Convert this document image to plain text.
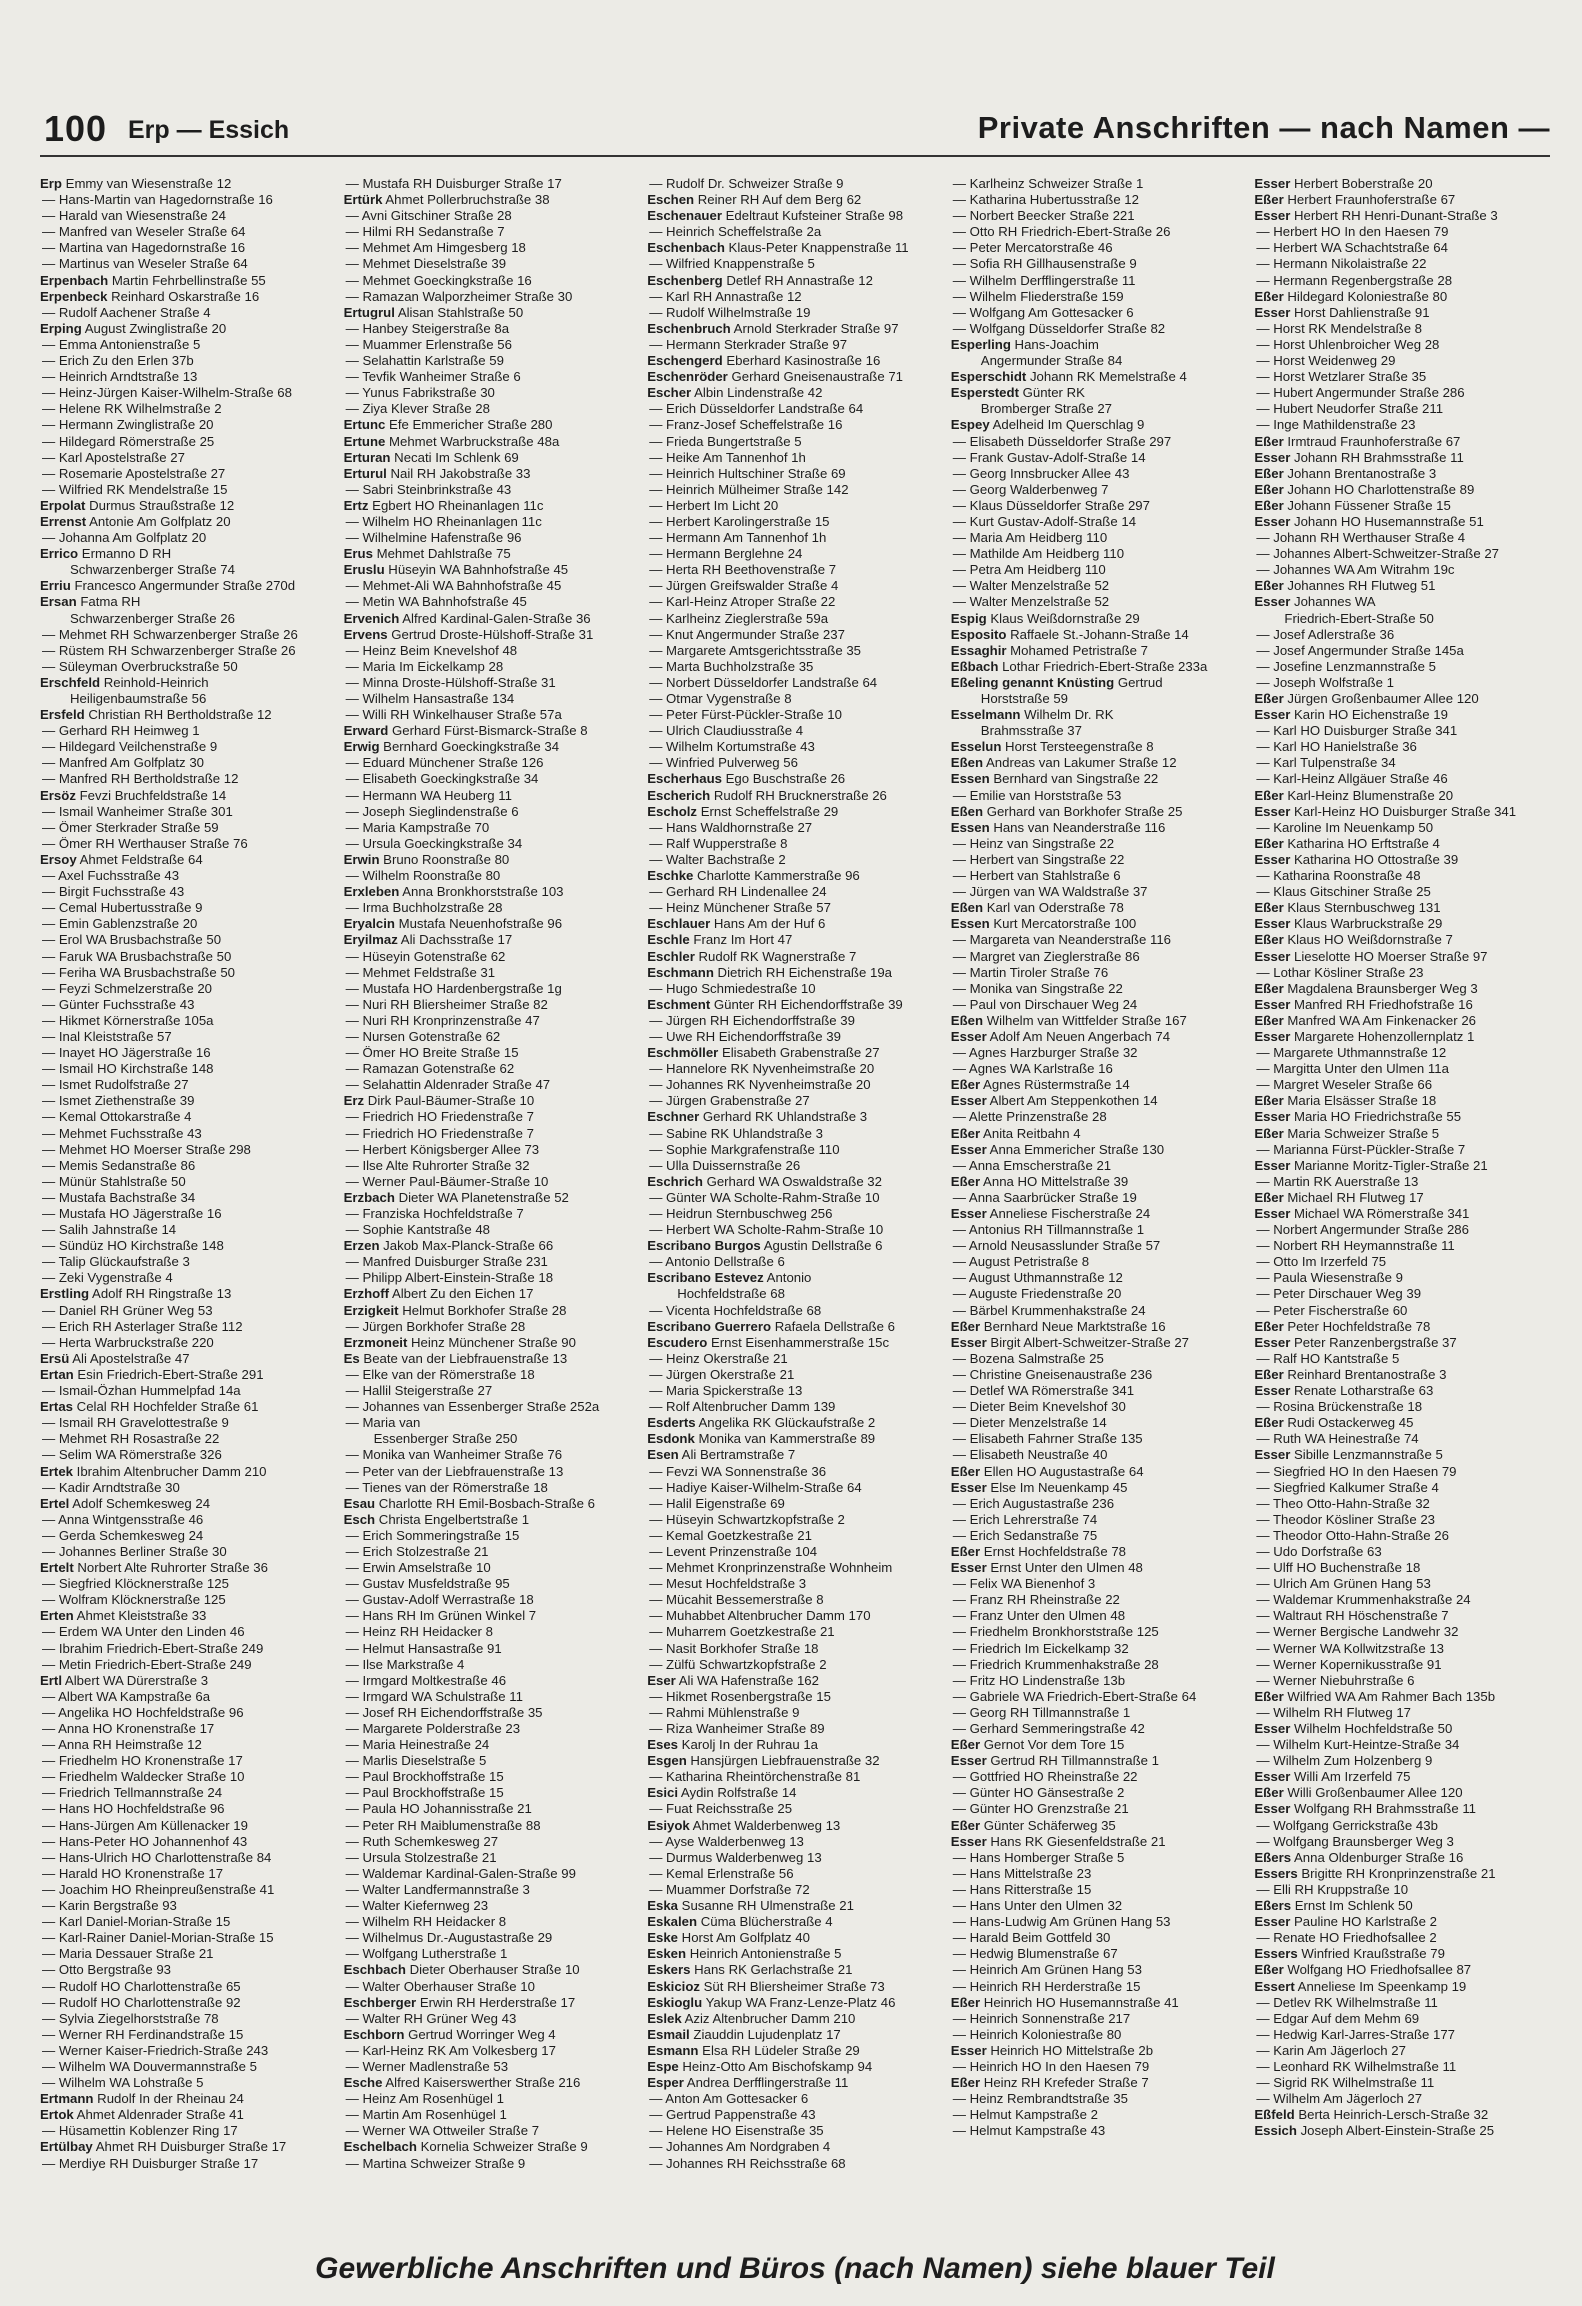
100 Erp — Essich	Private Anschriften — nach Namen —
Erp Emmy van Wiesenstraße 12
— Hans-Martin van Hagedornstraße 16
— Harald van Wiesenstraße 24
— Manfred van Weseler Straße 64
— Martina van Hagedornstraße 16
— Martinus van Weseler Straße 64
Erpenbach Martin Fehrbellinstraße 55
Erpenbeck Reinhard Oskarstraße 16
— Rudolf Aachener Straße 4
Erping August Zwinglistraße 20
— Emma Antonienstraße 5
— Erich Zu den Erlen 37b
— Heinrich Arndtstraße 13
— Heinz-Jürgen Kaiser-Wilhelm-Straße 68
— Helene RK Wilhelmstraße 2
— Hermann Zwinglistraße 20
— Hildegard Römerstraße 25
— Karl Apostelstraße 27
— Rosemarie Apostelstraße 27
— Wilfried RK Mendelstraße 15
Erpolat Durmus Straußstraße 12
Errenst Antonie Am Golfplatz 20
— Johanna Am Golfplatz 20
Errico Ermanno D RH
Schwarzenberger Straße 74
Erriu Francesco Angermunder Straße 270d
Ersan Fatma RH
Schwarzenberger Straße 26
— Mehmet RH Schwarzenberger Straße 26
— Rüstem RH Schwarzenberger Straße 26
— Süleyman Overbruckstraße 50
Erschfeld Reinhold-Heinrich
Heiligenbaumstraße 56
Ersfeld Christian RH Bertholdstraße 12
— Gerhard RH Heimweg 1
— Hildegard Veilchenstraße 9
— Manfred Am Golfplatz 30
— Manfred RH Bertholdstraße 12
Ersöz Fevzi Bruchfeldstraße 14
— Ismail Wanheimer Straße 301
— Ömer Sterkrader Straße 59
— Ömer RH Werthauser Straße 76
Ersoy Ahmet Feldstraße 64
— Axel Fuchsstraße 43
— Birgit Fuchsstraße 43
— Cemal Hubertusstraße 9
— Emin Gablenzstraße 20
— Erol WA Brusbachstraße 50
— Faruk WA Brusbachstraße 50
— Feriha WA Brusbachstraße 50
— Feyzi Schmelzerstraße 20
— Günter Fuchsstraße 43
— Hikmet Körnerstraße 105a
— Inal Kleiststraße 57
— Inayet HO Jägerstraße 16
— Ismail HO Kirchstraße 148
— Ismet Rudolfstraße 27
— Ismet Ziethenstraße 39
— Kemal Ottokarstraße 4
— Mehmet Fuchsstraße 43
— Mehmet HO Moerser Straße 298
— Memis Sedanstraße 86
— Münür Stahlstraße 50
— Mustafa Bachstraße 34
— Mustafa HO Jägerstraße 16
— Salih Jahnstraße 14
— Sündüz HO Kirchstraße 148
— Talip Glückaufstraße 3
— Zeki Vygenstraße 4
Erstling Adolf RH Ringstraße 13
— Daniel RH Grüner Weg 53
— Erich RH Asterlager Straße 112
— Herta Warbruckstraße 220
Ersü Ali Apostelstraße 47
Ertan Esin Friedrich-Ebert-Straße 291
— Ismail-Özhan Hummelpfad 14a
Ertas Celal RH Hochfelder Straße 61
— Ismail RH Gravelottestraße 9
— Mehmet RH Rosastraße 22
— Selim WA Römerstraße 326
Ertek Ibrahim Altenbrucher Damm 210
— Kadir Arndtstraße 30
Ertel Adolf Schemkesweg 24
— Anna Wintgensstraße 46
— Gerda Schemkesweg 24
— Johannes Berliner Straße 30
Ertelt Norbert Alte Ruhrorter Straße 36
— Siegfried Klöcknerstraße 125
— Wolfram Klöcknerstraße 125
Erten Ahmet Kleiststraße 33
— Erdem WA Unter den Linden 46
— Ibrahim Friedrich-Ebert-Straße 249
— Metin Friedrich-Ebert-Straße 249
Ertl Albert WA Dürerstraße 3
— Albert WA Kampstraße 6a
— Angelika HO Hochfeldstraße 96
— Anna HO Kronenstraße 17
— Anna RH Heimstraße 12
— Friedhelm HO Kronenstraße 17
— Friedhelm Waldecker Straße 10
— Friedrich Tellmannstraße 24
— Hans HO Hochfeldstraße 96
— Hans-Jürgen Am Küllenacker 19
— Hans-Peter HO Johannenhof 43
— Hans-Ulrich HO Charlottenstraße 84
— Harald HO Kronenstraße 17
— Joachim HO Rheinpreußenstraße 41
— Karin Bergstraße 93
— Karl Daniel-Morian-Straße 15
— Karl-Rainer Daniel-Morian-Straße 15
— Maria Dessauer Straße 21
— Otto Bergstraße 93
— Rudolf HO Charlottenstraße 65
— Rudolf HO Charlottenstraße 92
— Sylvia Ziegelhorststraße 78
— Werner RH Ferdinandstraße 15
— Werner Kaiser-Friedrich-Straße 243
— Wilhelm WA Douvermannstraße 5
— Wilhelm WA Lohstraße 5
Ertmann Rudolf In der Rheinau 24
Ertok Ahmet Aldenrader Straße 41
— Hüsamettin Koblenzer Ring 17
Ertülbay Ahmet RH Duisburger Straße 17
— Merdiye RH Duisburger Straße 17
— Mustafa RH Duisburger Straße 17
Ertürk Ahmet Pollerbruchstraße 38
— Avni Gitschiner Straße 28
— Hilmi RH Sedanstraße 7
— Mehmet Am Himgesberg 18
— Mehmet Dieselstraße 39
— Mehmet Goeckingkstraße 16
— Ramazan Walporzheimer Straße 30
Ertugrul Alisan Stahlstraße 50
— Hanbey Steigerstraße 8a
— Muammer Erlenstraße 56
— Selahattin Karlstraße 59
— Tevfik Wanheimer Straße 6
— Yunus Fabrikstraße 30
— Ziya Klever Straße 28
Ertunc Efe Emmericher Straße 280
Ertune Mehmet Warbruckstraße 48a
Erturan Necati Im Schlenk 69
Erturul Nail RH Jakobstraße 33
— Sabri Steinbrinkstraße 43
Ertz Egbert HO Rheinanlagen 11c
— Wilhelm HO Rheinanlagen 11c
— Wilhelmine Hafenstraße 96
Erus Mehmet Dahlstraße 75
Eruslu Hüseyin WA Bahnhofstraße 45
— Mehmet-Ali WA Bahnhofstraße 45
— Metin WA Bahnhofstraße 45
Ervenich Alfred Kardinal-Galen-Straße 36
Ervens Gertrud Droste-Hülshoff-Straße 31
— Heinz Beim Knevelshof 48
— Maria Im Eickelkamp 28
— Minna Droste-Hülshoff-Straße 31
— Wilhelm Hansastraße 134
— Willi RH Winkelhauser Straße 57a
Erward Gerhard Fürst-Bismarck-Straße 8
Erwig Bernhard Goeckingkstraße 34
— Eduard Münchener Straße 126
— Elisabeth Goeckingkstraße 34
— Hermann WA Heuberg 11
— Joseph Sieglindenstraße 6
— Maria Kampstraße 70
— Ursula Goeckingkstraße 34
Erwin Bruno Roonstraße 80
— Wilhelm Roonstraße 80
Erxleben Anna Bronkhorststraße 103
— Irma Buchholzstraße 28
Eryalcin Mustafa Neuenhofstraße 96
Eryilmaz Ali Dachsstraße 17
— Hüseyin Gotenstraße 62
— Mehmet Feldstraße 31
— Mustafa HO Hardenbergstraße 1g
— Nuri RH Bliersheimer Straße 82
— Nuri RH Kronprinzenstraße 47
— Nursen Gotenstraße 62
— Ömer HO Breite Straße 15
— Ramazan Gotenstraße 62
— Selahattin Aldenrader Straße 47
Erz Dirk Paul-Bäumer-Straße 10
— Friedrich HO Friedenstraße 7
— Friedrich HO Friedenstraße 7
— Herbert Königsberger Allee 73
— Ilse Alte Ruhrorter Straße 32
— Werner Paul-Bäumer-Straße 10
Erzbach Dieter WA Planetenstraße 52
— Franziska Hochfeldstraße 7
— Sophie Kantstraße 48
Erzen Jakob Max-Planck-Straße 66
— Manfred Duisburger Straße 231
— Philipp Albert-Einstein-Straße 18
Erzhoff Albert Zu den Eichen 17
Erzigkeit Helmut Borkhofer Straße 28
— Jürgen Borkhofer Straße 28
Erzmoneit Heinz Münchener Straße 90
Es Beate van der Liebfrauenstraße 13
— Elke van der Römerstraße 18
— Hallil Steigerstraße 27
— Johannes van Essenberger Straße 252a
— Maria van
Essenberger Straße 250
— Monika van Wanheimer Straße 76
— Peter van der Liebfrauenstraße 13
— Tienes van der Römerstraße 18
Esau Charlotte RH Emil-Bosbach-Straße 6
Esch Christa Engelbertstraße 1
— Erich Sommeringstraße 15
— Erich Stolzestraße 21
— Erwin Amselstraße 10
— Gustav Musfeldstraße 95
— Gustav-Adolf Werrastraße 18
— Hans RH Im Grünen Winkel 7
— Heinz RH Heidacker 8
— Helmut Hansastraße 91
— Ilse Markstraße 4
— Irmgard Moltkestraße 46
— Irmgard WA Schulstraße 11
— Josef RH Eichendorffstraße 35
— Margarete Polderstraße 23
— Maria Heinestraße 24
— Marlis Dieselstraße 5
— Paul Brockhoffstraße 15
— Paul Brockhoffstraße 15
— Paula HO Johannisstraße 21
— Peter RH Maiblumenstraße 88
— Ruth Schemkesweg 27
— Ursula Stolzestraße 21
— Waldemar Kardinal-Galen-Straße 99
— Walter Landfermannstraße 3
— Walter Kiefernweg 23
— Wilhelm RH Heidacker 8
— Wilhelmus Dr.-Augustastraße 29
— Wolfgang Lutherstraße 1
Eschbach Dieter Oberhauser Straße 10
— Walter Oberhauser Straße 10
Eschberger Erwin RH Herderstraße 17
— Walter RH Grüner Weg 43
Eschborn Gertrud Worringer Weg 4
— Karl-Heinz RK Am Volkesberg 17
— Werner Madlenstraße 53
Esche Alfred Kaiserswerther Straße 216
— Heinz Am Rosenhügel 1
— Martin Am Rosenhügel 1
— Werner WA Ottweiler Straße 7
Eschelbach Kornelia Schweizer Straße 9
— Martina Schweizer Straße 9
— Rudolf Dr. Schweizer Straße 9
Eschen Reiner RH Auf dem Berg 62
Eschenauer Edeltraut Kufsteiner Straße 98
— Heinrich Scheffelstraße 2a
Eschenbach Klaus-Peter Knappenstraße 11
— Wilfried Knappenstraße 5
Eschenberg Detlef RH Annastraße 12
— Karl RH Annastraße 12
— Rudolf Wilhelmstraße 19
Eschenbruch Arnold Sterkrader Straße 97
— Hermann Sterkrader Straße 97
Eschengerd Eberhard Kasinostraße 16
Eschenröder Gerhard Gneisenaustraße 71
Escher Albin Lindenstraße 42
— Erich Düsseldorfer Landstraße 64
— Franz-Josef Scheffelstraße 16
— Frieda Bungertstraße 5
— Heike Am Tannenhof 1h
— Heinrich Hultschiner Straße 69
— Heinrich Mülheimer Straße 142
— Herbert Im Licht 20
— Herbert Karolingerstraße 15
— Hermann Am Tannenhof 1h
— Hermann Berglehne 24
— Herta RH Beethovenstraße 7
— Jürgen Greifswalder Straße 4
— Karl-Heinz Atroper Straße 22
— Karlheinz Zieglerstraße 59a
— Knut Angermunder Straße 237
— Margarete Amtsgerichtsstraße 35
— Marta Buchholzstraße 35
— Norbert Düsseldorfer Landstraße 64
— Otmar Vygenstraße 8
— Peter Fürst-Pückler-Straße 10
— Ulrich Claudiusstraße 4
— Wilhelm Kortumstraße 43
— Winfried Pulverweg 56
Escherhaus Ego Buschstraße 26
Escherich Rudolf RH Brucknerstraße 26
Escholz Ernst Scheffelstraße 29
— Hans Waldhornstraße 27
— Ralf Wupperstraße 8
— Walter Bachstraße 2
Eschke Charlotte Kammerstraße 96
— Gerhard RH Lindenallee 24
— Heinz Münchener Straße 57
Eschlauer Hans Am der Huf 6
Eschle Franz Im Hort 47
Eschler Rudolf RK Wagnerstraße 7
Eschmann Dietrich RH Eichenstraße 19a
— Hugo Schmiedestraße 10
Eschment Günter RH Eichendorffstraße 39
— Jürgen RH Eichendorffstraße 39
— Uwe RH Eichendorffstraße 39
Eschmöller Elisabeth Grabenstraße 27
— Hannelore RK Nyvenheimstraße 20
— Johannes RK Nyvenheimstraße 20
— Jürgen Grabenstraße 27
Eschner Gerhard RK Uhlandstraße 3
— Sabine RK Uhlandstraße 3
— Sophie Markgrafenstraße 110
— Ulla Duissernstraße 26
Eschrich Gerhard WA Oswaldstraße 32
— Günter WA Scholte-Rahm-Straße 10
— Heidrun Sternbuschweg 256
— Herbert WA Scholte-Rahm-Straße 10
Escribano Burgos Agustin Dellstraße 6
— Antonio Dellstraße 6
Escribano Estevez Antonio
Hochfeldstraße 68
— Vicenta Hochfeldstraße 68
Escribano Guerrero Rafaela Dellstraße 6
Escudero Ernst Eisenhammerstraße 15c
— Heinz Okerstraße 21
— Jürgen Okerstraße 21
— Maria Spickerstraße 13
— Rolf Altenbrucher Damm 139
Esderts Angelika RK Glückaufstraße 2
Esdonk Monika van Kammerstraße 89
Esen Ali Bertramstraße 7
— Fevzi WA Sonnenstraße 36
— Hadiye Kaiser-Wilhelm-Straße 64
— Halil Eigenstraße 69
— Hüseyin Schwartzkopfstraße 2
— Kemal Goetzkestraße 21
— Levent Prinzenstraße 104
— Mehmet Kronprinzenstraße Wohnheim
— Mesut Hochfeldstraße 3
— Mücahit Bessemerstraße 8
— Muhabbet Altenbrucher Damm 170
— Muharrem Goetzkestraße 21
— Nasit Borkhofer Straße 18
— Zülfü Schwartzkopfstraße 2
Eser Ali WA Hafenstraße 162
— Hikmet Rosenbergstraße 15
— Rahmi Mühlenstraße 9
— Riza Wanheimer Straße 89
Eses Karolj In der Ruhrau 1a
Esgen Hansjürgen Liebfrauenstraße 32
— Katharina Rheintörchenstraße 81
Esici Aydin Rolfstraße 14
— Fuat Reichsstraße 25
Esiyok Ahmet Walderbenweg 13
— Ayse Walderbenweg 13
— Durmus Walderbenweg 13
— Kemal Erlenstraße 56
— Muammer Dorfstraße 72
Eska Susanne RH Ulmenstraße 21
Eskalen Cüma Blücherstraße 4
Eske Horst Am Golfplatz 40
Esken Heinrich Antonienstraße 5
Eskers Hans RK Gerlachstraße 21
Eskicioz Süt RH Bliersheimer Straße 73
Eskioglu Yakup WA Franz-Lenze-Platz 46
Eslek Aziz Altenbrucher Damm 210
Esmail Ziauddin Lujudenplatz 17
Esmann Elsa RH Lüdeler Straße 29
Espe Heinz-Otto Am Bischofskamp 94
Esper Andrea Derfflingerstraße 11
— Anton Am Gottesacker 6
— Gertrud Pappenstraße 43
— Helene HO Eisenstraße 35
— Johannes Am Nordgraben 4
— Johannes RH Reichsstraße 68
— Karlheinz Schweizer Straße 1
— Katharina Hubertusstraße 12
— Norbert Beecker Straße 221
— Otto RH Friedrich-Ebert-Straße 26
— Peter Mercatorstraße 46
— Sofia RH Gillhausenstraße 9
— Wilhelm Derfflingerstraße 11
— Wilhelm Fliederstraße 159
— Wolfgang Am Gottesacker 6
— Wolfgang Düsseldorfer Straße 82
Esperling Hans-Joachim
Angermunder Straße 84
Esperschidt Johann RK Memelstraße 4
Esperstedt Günter RK
Bromberger Straße 27
Espey Adelheid Im Querschlag 9
— Elisabeth Düsseldorfer Straße 297
— Frank Gustav-Adolf-Straße 14
— Georg Innsbrucker Allee 43
— Georg Walderbenweg 7
— Klaus Düsseldorfer Straße 297
— Kurt Gustav-Adolf-Straße 14
— Maria Am Heidberg 110
— Mathilde Am Heidberg 110
— Petra Am Heidberg 110
— Walter Menzelstraße 52
— Walter Menzelstraße 52
Espig Klaus Weißdornstraße 29
Esposito Raffaele St.-Johann-Straße 14
Essaghir Mohamed Petristraße 7
Eßbach Lothar Friedrich-Ebert-Straße 233a
Eßeling genannt Knüsting Gertrud
Horststraße 59
Esselmann Wilhelm Dr. RK
Brahmsstraße 37
Esselun Horst Tersteegenstraße 8
Eßen Andreas van Lakumer Straße 12
Essen Bernhard van Singstraße 22
— Emilie van Horststraße 53
Eßen Gerhard van Borkhofer Straße 25
Essen Hans van Neanderstraße 116
— Heinz van Singstraße 22
— Herbert van Singstraße 22
— Herbert van Stahlstraße 6
— Jürgen van WA Waldstraße 37
Eßen Karl van Oderstraße 78
Essen Kurt Mercatorstraße 100
— Margareta van Neanderstraße 116
— Margret van Zieglerstraße 86
— Martin Tiroler Straße 76
— Monika van Singstraße 22
— Paul von Dirschauer Weg 24
Eßen Wilhelm van Wittfelder Straße 167
Esser Adolf Am Neuen Angerbach 74
— Agnes Harzburger Straße 32
— Agnes WA Karlstraße 16
Eßer Agnes Rüstermstraße 14
Esser Albert Am Steppenkothen 14
— Alette Prinzenstraße 28
Eßer Anita Reitbahn 4
Esser Anna Emmericher Straße 130
— Anna Emscherstraße 21
Eßer Anna HO Mittelstraße 39
— Anna Saarbrücker Straße 19
Esser Anneliese Fischerstraße 24
— Antonius RH Tillmannstraße 1
— Arnold Neusasslunder Straße 57
— August Petristraße 8
— August Uthmannstraße 12
— Auguste Friedenstraße 20
— Bärbel Krummenhakstraße 24
Eßer Bernhard Neue Marktstraße 16
Esser Birgit Albert-Schweitzer-Straße 27
— Bozena Salmstraße 25
— Christine Gneisenaustraße 236
— Detlef WA Römerstraße 341
— Dieter Beim Knevelshof 30
— Dieter Menzelstraße 14
— Elisabeth Fahrner Straße 135
— Elisabeth Neustraße 40
Eßer Ellen HO Augustastraße 64
Esser Else Im Neuenkamp 45
— Erich Augustastraße 236
— Erich Lehrerstraße 74
— Erich Sedanstraße 75
Eßer Ernst Hochfeldstraße 78
Esser Ernst Unter den Ulmen 48
— Felix WA Bienenhof 3
— Franz RH Rheinstraße 22
— Franz Unter den Ulmen 48
— Friedhelm Bronkhorststraße 125
— Friedrich Im Eickelkamp 32
— Friedrich Krummenhakstraße 28
— Fritz HO Lindenstraße 13b
— Gabriele WA Friedrich-Ebert-Straße 64
— Georg RH Tillmannstraße 1
— Gerhard Semmeringstraße 42
Eßer Gernot Vor dem Tore 15
Esser Gertrud RH Tillmannstraße 1
— Gottfried HO Rheinstraße 22
— Günter HO Gänsestraße 2
— Günter HO Grenzstraße 21
Eßer Günter Schäferweg 35
Esser Hans RK Giesenfeldstraße 21
— Hans Homberger Straße 5
— Hans Mittelstraße 23
— Hans Ritterstraße 15
— Hans Unter den Ulmen 32
— Hans-Ludwig Am Grünen Hang 53
— Harald Beim Gottfeld 30
— Hedwig Blumenstraße 67
— Heinrich Am Grünen Hang 53
— Heinrich RH Herderstraße 15
Eßer Heinrich HO Husemannstraße 41
— Heinrich Sonnenstraße 217
— Heinrich Koloniestraße 80
Esser Heinrich HO Mittelstraße 2b
— Heinrich HO In den Haesen 79
Eßer Heinz RH Krefeder Straße 7
— Heinz Rembrandtstraße 35
— Helmut Kampstraße 2
— Helmut Kampstraße 43
Esser Herbert Boberstraße 20
Eßer Herbert Fraunhoferstraße 67
Esser Herbert RH Henri-Dunant-Straße 3
— Herbert HO In den Haesen 79
— Herbert WA Schachtstraße 64
— Hermann Nikolaistraße 22
— Hermann Regenbergstraße 28
Eßer Hildegard Koloniestraße 80
Esser Horst Dahlienstraße 91
— Horst RK Mendelstraße 8
— Horst Uhlenbroicher Weg 28
— Horst Weidenweg 29
— Horst Wetzlarer Straße 35
— Hubert Angermunder Straße 286
— Hubert Neudorfer Straße 211
— Inge Mathildenstraße 23
Eßer Irmtraud Fraunhoferstraße 67
Esser Johann RH Brahmsstraße 11
Eßer Johann Brentanostraße 3
Eßer Johann HO Charlottenstraße 89
Eßer Johann Füssener Straße 15
Esser Johann HO Husemannstraße 51
— Johann RH Werthauser Straße 4
— Johannes Albert-Schweitzer-Straße 27
— Johannes WA Am Witrahm 19c
Eßer Johannes RH Flutweg 51
Esser Johannes WA
Friedrich-Ebert-Straße 50
— Josef Adlerstraße 36
— Josef Angermunder Straße 145a
— Josefine Lenzmannstraße 5
— Joseph Wolfstraße 1
Eßer Jürgen Großenbaumer Allee 120
Esser Karin HO Eichenstraße 19
— Karl HO Duisburger Straße 341
— Karl HO Hanielstraße 36
— Karl Tulpenstraße 34
— Karl-Heinz Allgäuer Straße 46
Eßer Karl-Heinz Blumenstraße 20
Esser Karl-Heinz HO Duisburger Straße 341
— Karoline Im Neuenkamp 50
Eßer Katharina HO Erftstraße 4
Esser Katharina HO Ottostraße 39
— Katharina Roonstraße 48
— Klaus Gitschiner Straße 25
Eßer Klaus Sternbuschweg 131
Esser Klaus Warbruckstraße 29
Eßer Klaus HO Weißdornstraße 7
Esser Lieselotte HO Moerser Straße 97
— Lothar Kösliner Straße 23
Eßer Magdalena Braunsberger Weg 3
Esser Manfred RH Friedhofstraße 16
Eßer Manfred WA Am Finkenacker 26
Esser Margarete Hohenzollernplatz 1
— Margarete Uthmannstraße 12
— Margitta Unter den Ulmen 11a
— Margret Weseler Straße 66
Eßer Maria Elsässer Straße 18
Esser Maria HO Friedrichstraße 55
Eßer Maria Schweizer Straße 5
— Marianna Fürst-Pückler-Straße 7
Esser Marianne Moritz-Tigler-Straße 21
— Martin RK Auerstraße 13
Eßer Michael RH Flutweg 17
Esser Michael WA Römerstraße 341
— Norbert Angermunder Straße 286
— Norbert RH Heymannstraße 11
— Otto Im Irzerfeld 75
— Paula Wiesenstraße 9
— Peter Dirschauer Weg 39
— Peter Fischerstraße 60
Eßer Peter Hochfeldstraße 78
Esser Peter Ranzenbergstraße 37
— Ralf HO Kantstraße 5
Eßer Reinhard Brentanostraße 3
Esser Renate Lotharstraße 63
— Rosina Brückenstraße 18
Eßer Rudi Ostackerweg 45
— Ruth WA Heinestraße 74
Esser Sibille Lenzmannstraße 5
— Siegfried HO In den Haesen 79
— Siegfried Kalkumer Straße 4
— Theo Otto-Hahn-Straße 32
— Theodor Kösliner Straße 23
— Theodor Otto-Hahn-Straße 26
— Udo Dorfstraße 63
— Ulff HO Buchenstraße 18
— Ulrich Am Grünen Hang 53
— Waldemar Krummenhakstraße 24
— Waltraut RH Höschenstraße 7
— Werner Bergische Landwehr 32
— Werner WA Kollwitzstraße 13
— Werner Kopernikusstraße 91
— Werner Niebuhrstraße 6
Eßer Wilfried WA Am Rahmer Bach 135b
— Wilhelm RH Flutweg 17
Esser Wilhelm Hochfeldstraße 50
— Wilhelm Kurt-Heintze-Straße 34
— Wilhelm Zum Holzenberg 9
Esser Willi Am Irzerfeld 75
Eßer Willi Großenbaumer Allee 120
Esser Wolfgang RH Brahmsstraße 11
— Wolfgang Gerrickstraße 43b
— Wolfgang Braunsberger Weg 3
Eßers Anna Oldenburger Straße 16
Essers Brigitte RH Kronprinzenstraße 21
— Elli RH Kruppstraße 10
Eßers Ernst Im Schlenk 50
Esser Pauline HO Karlstraße 2
— Renate HO Friedhofsallee 2
Essers Winfried Kraußstraße 79
Eßer Wolfgang HO Friedhofsallee 87
Essert Anneliese Im Speenkamp 19
— Detlev RK Wilhelmstraße 11
— Edgar Auf dem Mehm 69
— Hedwig Karl-Jarres-Straße 177
— Karin Am Jägerloch 27
— Leonhard RK Wilhelmstraße 11
— Sigrid RK Wilhelmstraße 11
— Wilhelm Am Jägerloch 27
Eßfeld Berta Heinrich-Lersch-Straße 32
Essich Joseph Albert-Einstein-Straße 25
Gewerbliche Anschriften und Büros (nach Namen) siehe blauer Teil
